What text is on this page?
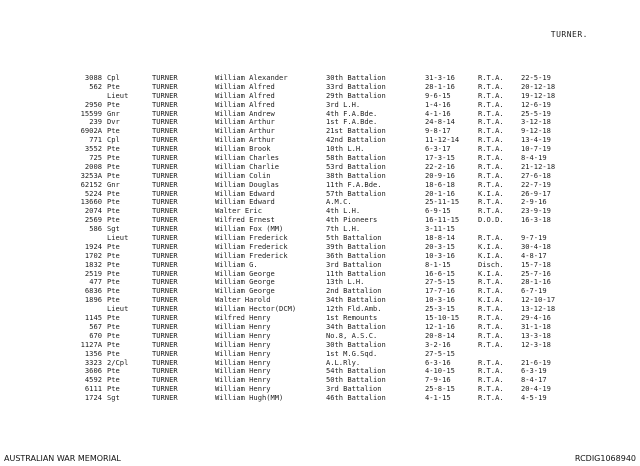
TURNER.
3088 Cpl	TURNER	William Alexander	30th Battalion	31-3-16	R.T.A. 22-5-19
562 Pte	TURNER	William Alfred	33rd Battalion	28-1-16	R.T.A. 20-12-18
Lieut	TURNER	William Alfred	29th Battalion	9-6-15	R.T.A. 19-12-18
2950 Pte	TURNER	William Alfred	3rd L.H.	1-4-16	R.T.A. 12-6-19
15599 Gnr	TURNER	William Andrew	4th F.A.Bde.	4-1-16	R.T.A. 25-5-19
239 Dvr	TURNER	William Arthur	1st F.A.Bde.	24-8-14	R.T.A. 3-12-18
6902A Pte	TURNER	William Arthur	21st Battalion	9-8-17	R.T.A. 9-12-18
771 Cpl	TURNER	William Arthur	42nd Battalion	11-12-14	R.T.A. 13-4-19
3552 Pte	TURNER	William Brook	10th L.H.	6-3-17	R.T.A. 10-7-19
725 Pte	TURNER	William Charles	58th Battalion	17-3-15	R.T.A. 8-4-19
2008 Pte	TURNER	William Charlie	53rd Battalion	22-2-16	R.T.A. 21-12-18
3253A Pte	TURNER	William Colin	38th Battalion	20-9-16	R.T.A. 27-6-18
62152 Gnr	TURNER	William Douglas	11th F.A.Bde.	18-6-18	R.T.A. 22-7-19
5224 Pte	TURNER	William Edward	57th Battalion	20-1-16	K.I.A. 26-9-17
13660 Pte	TURNER	William Edward	A.M.C.	25-11-15	R.T.A. 2-9-16
2074 Pte	TURNER	Walter Eric	4th L.H.	6-9-15	R.T.A. 23-9-19
2569 Pte	TURNER	Wilfred Ernest	4th Pioneers	16-11-15	D.O.D. 16-3-18
586 Sgt	TURNER	William Fox (MM)	7th L.H.	3-11-15
Lieut	TURNER	William Frederick	5th Battalion	18-8-14	R.T.A. 9-7-19
1924 Pte	TURNER	William Frederick	39th Battalion	20-3-15	K.I.A. 30-4-18
1702 Pte	TURNER	William Frederick	36th Battalion	10-3-16	K.I.A. 4-8-17
1832 Pte	TURNER	William G.	3rd Battalion	8-1-15	Disch. 15-7-18
2519 Pte	TURNER	William George	11th Battalion	16-6-15	K.I.A. 25-7-16
477 Pte	TURNER	William George	13th L.H.	27-5-15	R.T.A. 28-1-16
6836 Pte	TURNER	William George	2nd Battalion	17-7-16	R.T.A. 6-7-19
1896 Pte	TURNER	Walter Harold	34th Battalion	10-3-16	K.I.A. 12-10-17
Lieut	TURNER	William Hector(DCM)	12th Fld.Amb.	25-3-15	R.T.A. 13-12-18
1145 Pte	TURNER	Wilfred Henry	1st Remounts	15-10-15	R.T.A. 29-4-16
567 Pte	TURNER	William Henry	34th Battalion	12-1-16	R.T.A. 31-1-18
670 Pte	TURNER	William Henry	No.8, A.S.C.	20-8-14	R.T.A. 13-3-18
1127A Pte	TURNER	William Henry	30th Battalion	3-2-16	R.T.A. 12-3-18
1356 Pte	TURNER	William Henry	1st M.G.Sqd.	27-5-15
3323 2/Cpl	TURNER	William Henry	A.L.Rly.	6-3-16	R.T.A. 21-6-19
3606 Pte	TURNER	William Henry	54th Battalion	4-10-15	R.T.A. 6-3-19
4592 Pte	TURNER	William Henry	50th Battalion	7-9-16	R.T.A. 8-4-17
6111 Pte	TURNER	William Henry	3rd Battalion	25-8-15	R.T.A. 20-4-19
1724 Sgt	TURNER	William Hugh(MM)	46th Battalion	4-1-15	R.T.A. 4-5-19
AUSTRALIAN WAR MEMORIAL	RCDIG1068940
